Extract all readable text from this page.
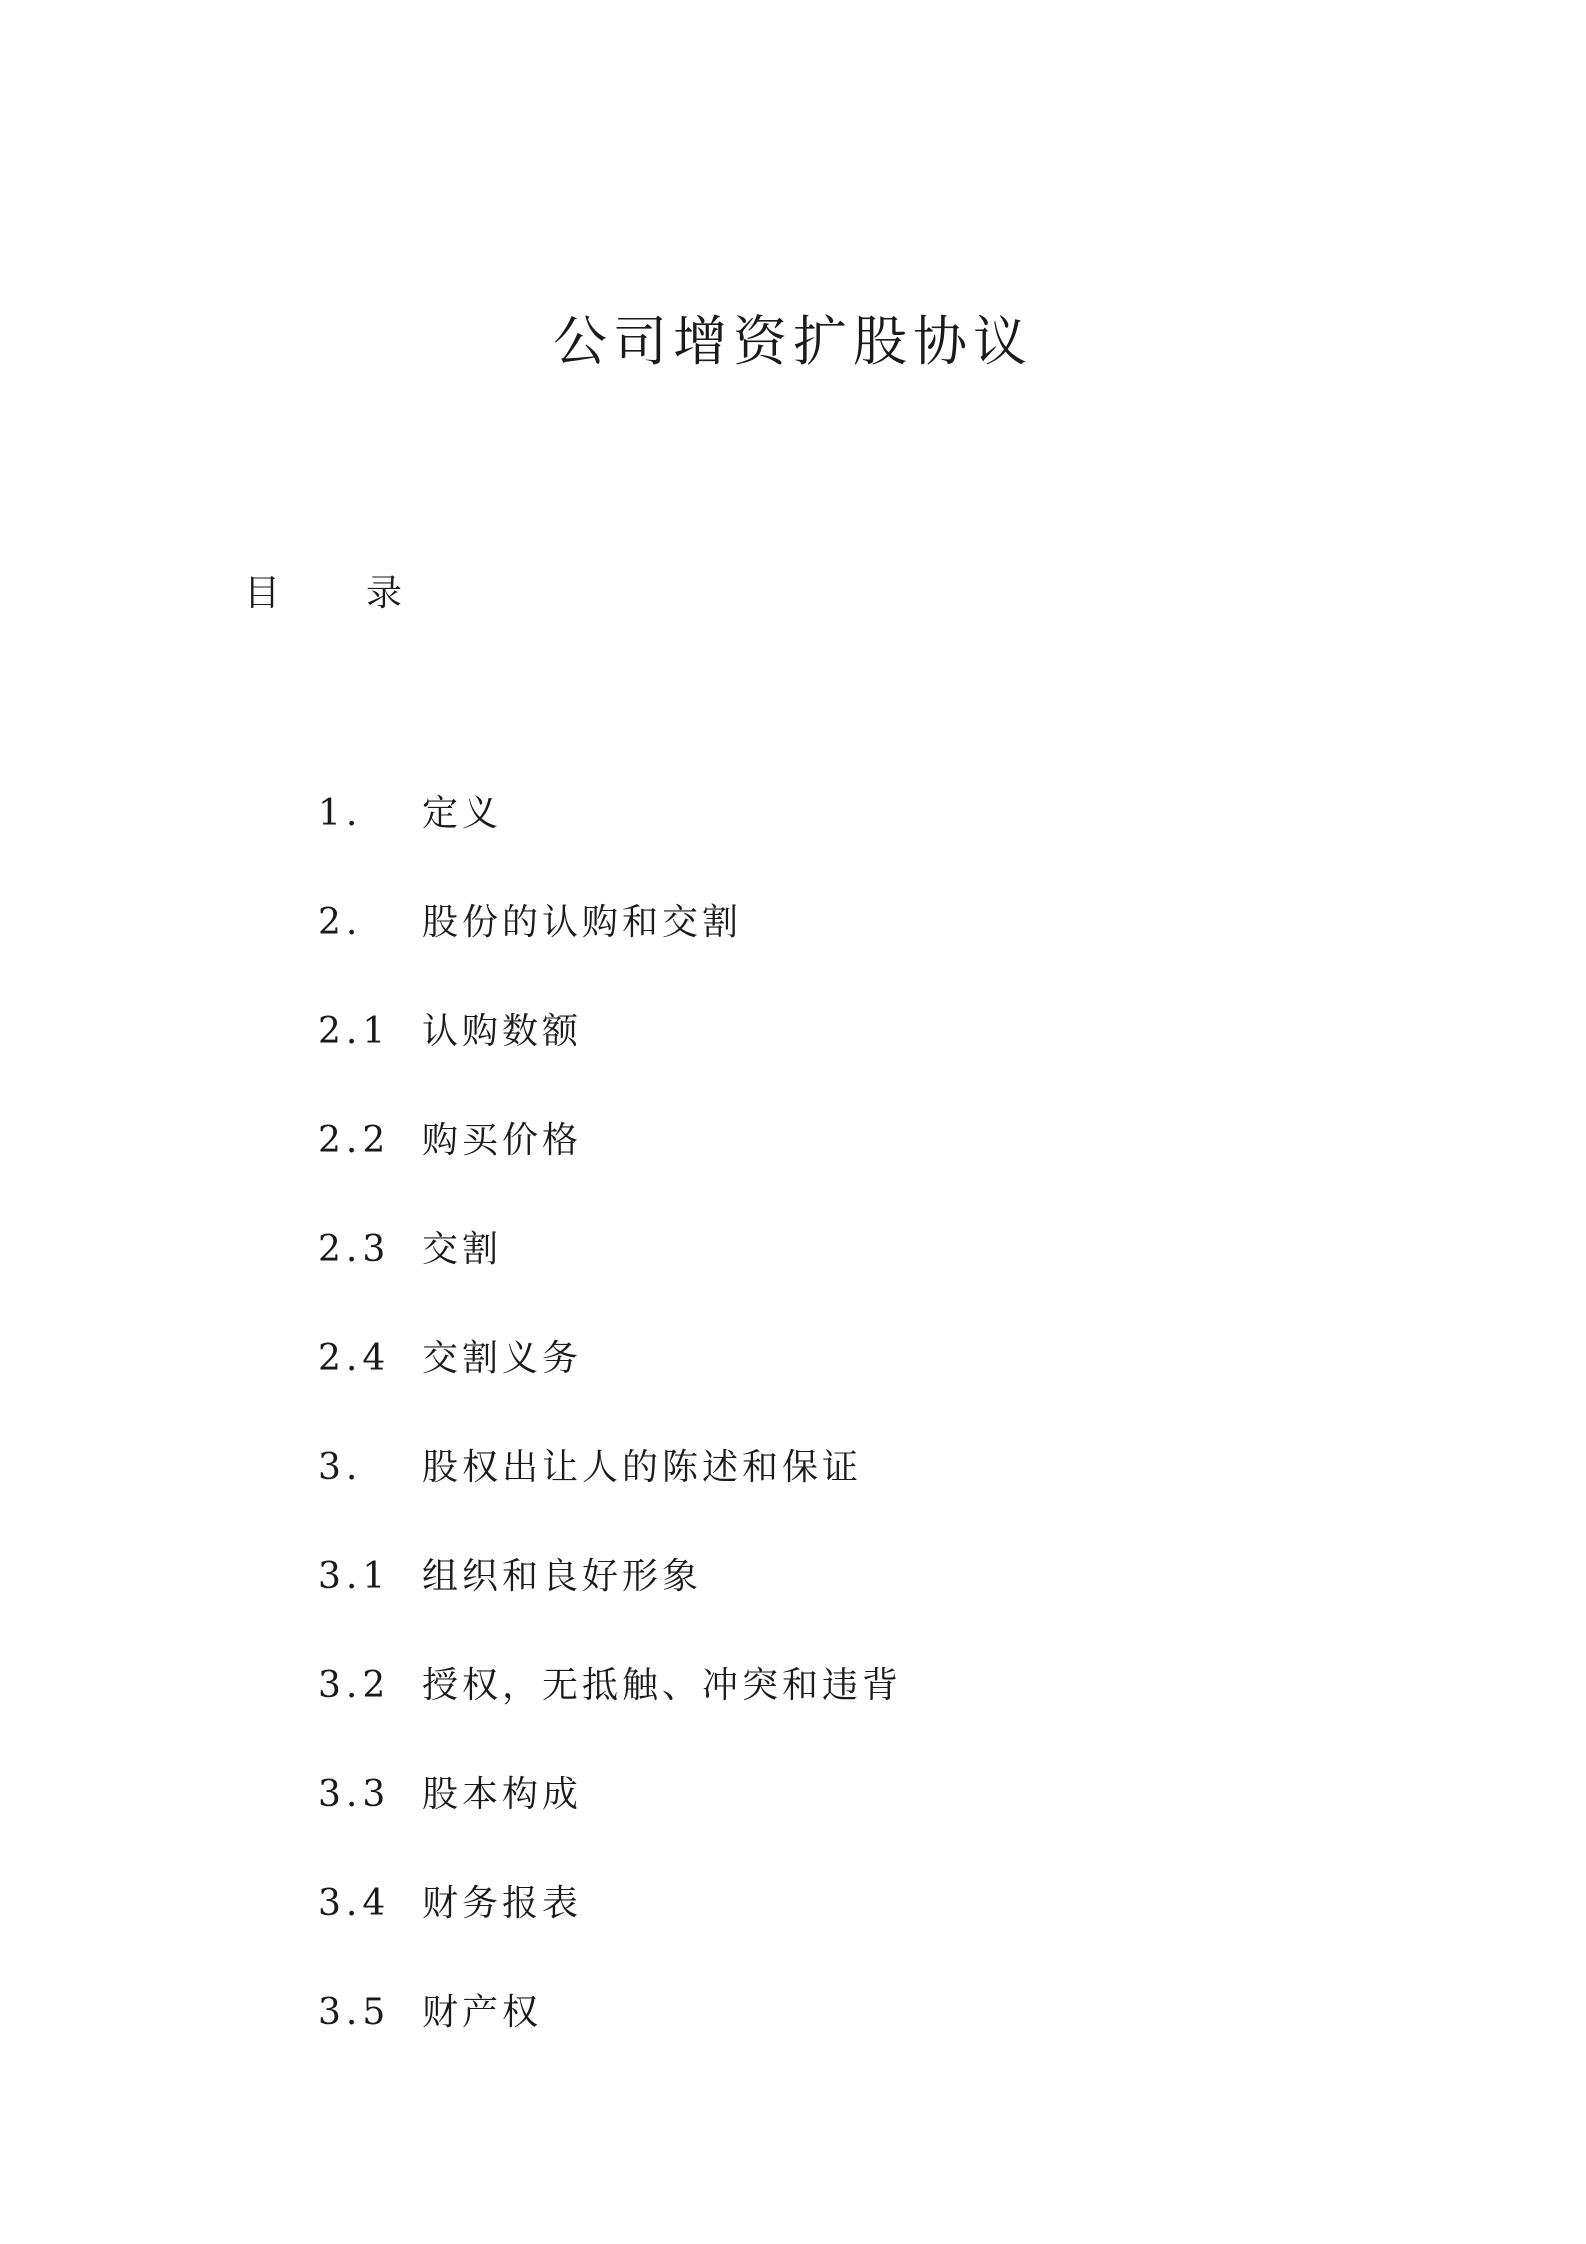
公司增资扩股协议
目 录
1.	定义
2.	股份的认购和交割
2.1 认购数额
2.2 购买价格
2.3 交割
2.4 交割义务
3.	股权出让人的陈述和保证
3.1 组织和良好形象
3.2 授权，无抵触、冲突和违背
3.3 股本构成
3.4 财务报表
3.5 财产权
